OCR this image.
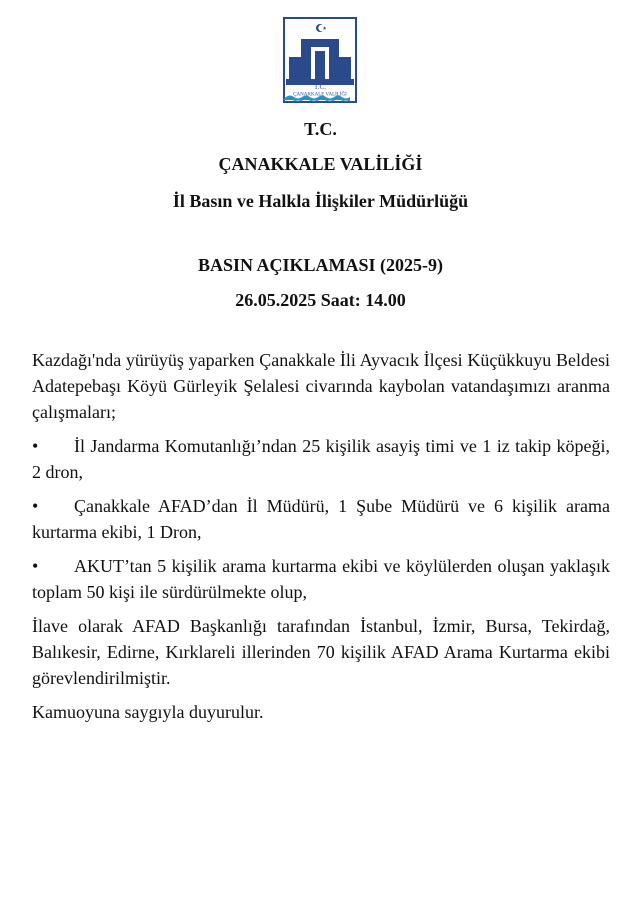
T.C.
ÇANAKKALE VALİLİĞİ
T.C.
ÇANAKKALE VALİLİĞİ
İl Basın ve Halkla İlişkiler Müdürlüğü
BASIN AÇIKLAMASI (2025-9)
26.05.2025 Saat: 14.00

Kazdağı'nda yürüyüş yaparken Çanakkale İli Ayvacık İlçesi Küçükkuyu Beldesi Adatepebaşı Köyü Gürleyik Şelalesi civarında kaybolan vatandaşımızı aranma çalışmaları;

• İl Jandarma Komutanlığı’ndan 25 kişilik asayiş timi ve 1 iz takip köpeği, 2 dron,

• Çanakkale AFAD’dan İl Müdürü, 1 Şube Müdürü ve 6 kişilik arama kurtarma ekibi, 1 Dron,

• AKUT’tan 5 kişilik arama kurtarma ekibi ve köylülerden oluşan yaklaşık toplam 50 kişi ile sürdürülmekte olup,

İlave olarak AFAD Başkanlığı tarafından İstanbul, İzmir, Bursa, Tekirdağ, Balıkesir, Edirne, Kırklareli illerinden 70 kişilik AFAD Arama Kurtarma ekibi görevlendirilmiştir.

Kamuoyuna saygıyla duyurulur.
